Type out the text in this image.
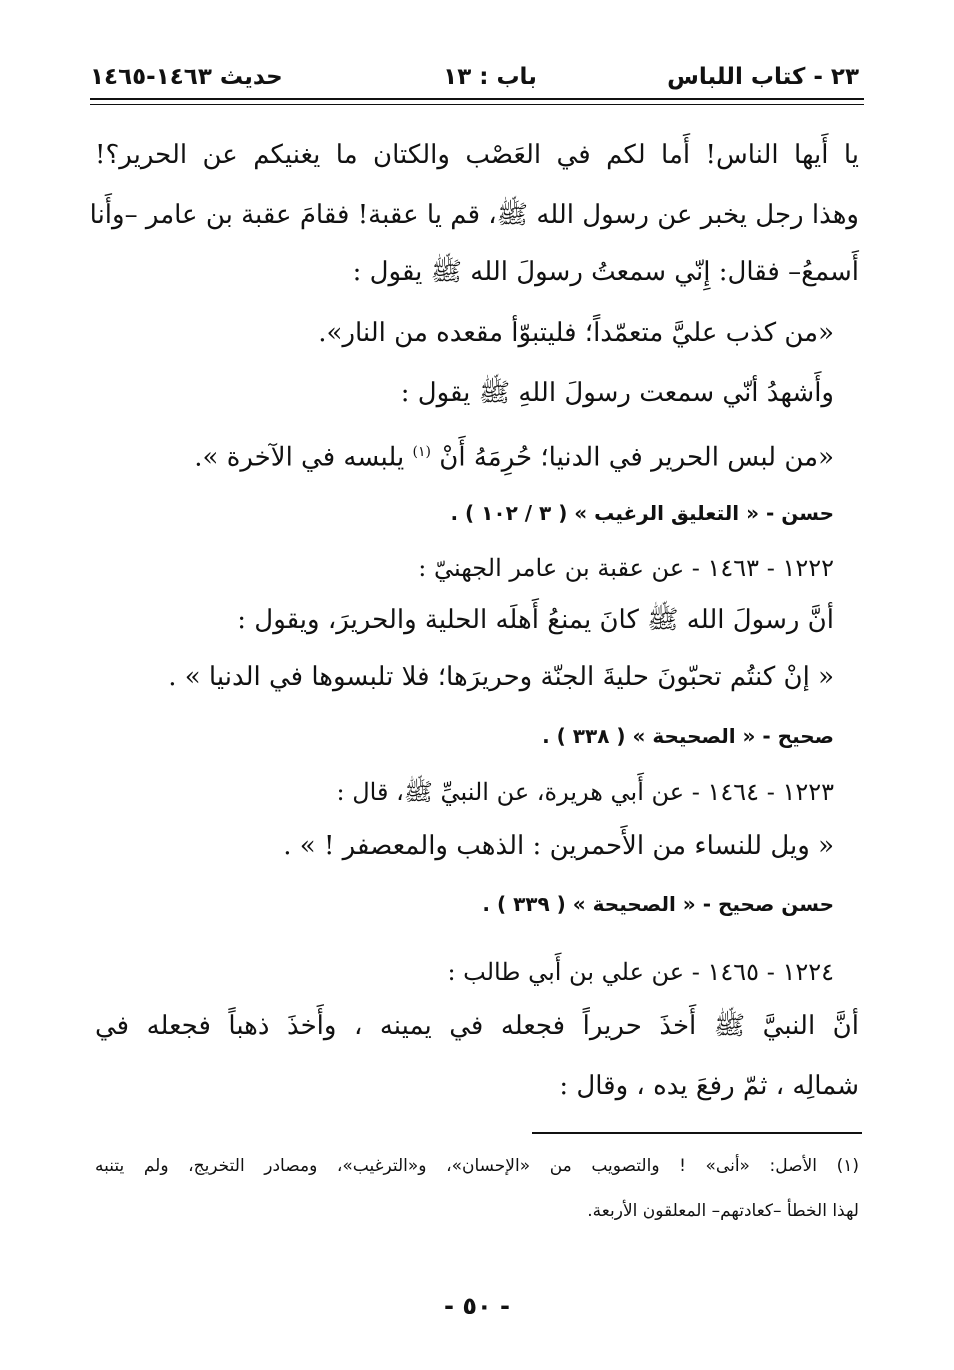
٢٣ - كتاب اللباس
باب : ١٣
حديث ١٤٦٣-١٤٦٥
يا أَيها الناس! أَما لكم في العَصْب والكتان ما يغنيكم عن الحرير؟!
وهذا رجل يخبر عن رسول الله ﷺ، قم يا عقبة! فقامَ عقبة بن عامر –وأَنا
أَسمعُ– فقال: إِنّي سمعتُ رسولَ الله ﷺ يقول :
«من كذب عليَّ متعمّداً؛ فليتبوّأ مقعده من النار».
وأَشهدُ أنّي سمعت رسولَ اللهِ ﷺ يقول :
«من لبس الحرير في الدنيا؛ حُرِمَهُ أَنْ $^{(١)}$ يلبسه في الآخرة ».
حسن - « التعليق الرغيب » ( ٣ / ١٠٢ ) .
١٢٢٢ - ١٤٦٣ - عن عقبة بن عامر الجهنيّ :
أنَّ رسولَ الله ﷺ كانَ يمنعُ أَهلَه الحلية والحريرَ، ويقول :
« إنْ كنتُم تحبّونَ حليةَ الجنّة وحريرَها؛ فلا تلبسوها في الدنيا » .
صحيح - « الصحيحة » ( ٣٣٨ ) .
١٢٢٣ - ١٤٦٤ - عن أَبي هريرة، عن النبيِّ ﷺ، قال :
« ويل للنساء من الأَحمرين : الذهب والمعصفر ! » .
حسن صحيح - « الصحيحة » ( ٣٣٩ ) .
١٢٢٤ - ١٤٦٥ - عن علي بن أَبي طالب :
أنَّ النبيَّ ﷺ أَخذَ حريراً فجعله في يمينه ، وأَخذَ ذهباً فجعله في
شمالِه ، ثمّ رفعَ يده ، وقال :
(١) الأصل: «أنى» ! والتصويب من «الإحسان»، و«الترغيب»، ومصادر التخريج، ولم يتنبه
لهذا الخطأ –كعادتهم– المعلقون الأربعة.
- ٥٠ -
